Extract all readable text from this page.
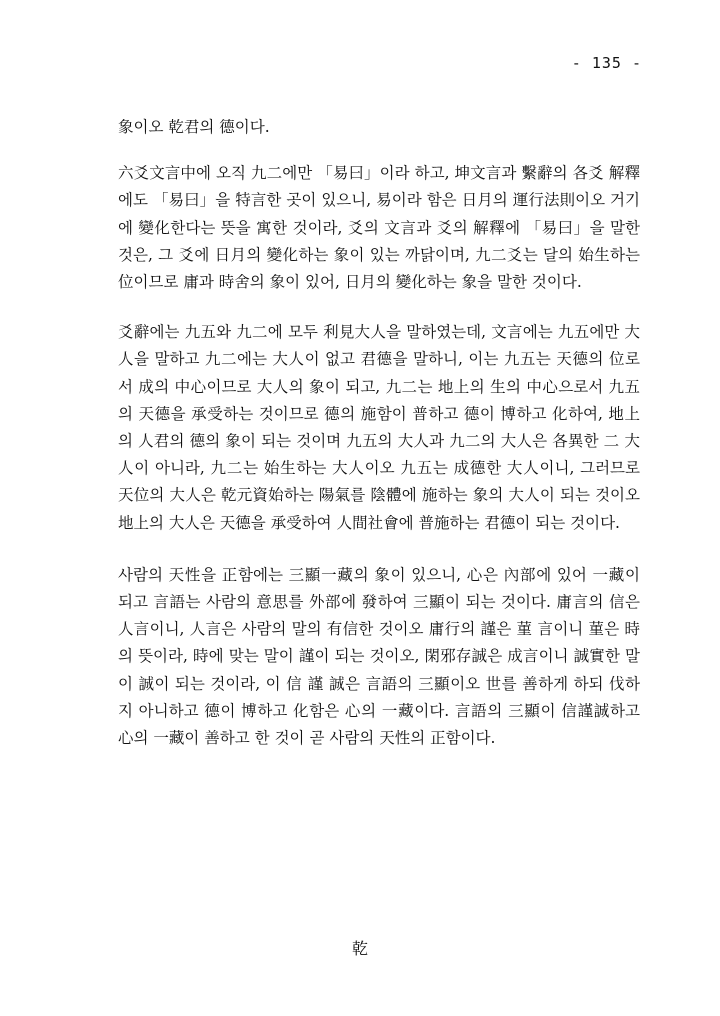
- 135 -

象이오 乾君의 德이다.

六爻文言中에 오직 九二에만 「易曰」이라 하고, 坤文言과 繫辭의 各爻 解釋에도 「易曰」을 特言한 곳이 있으니, 易이라 함은 日月의 運行法則이오 거기에 變化한다는 뜻을 寓한 것이라, 爻의 文言과 爻의 解釋에 「易曰」을 말한 것은, 그 爻에 日月의 變化하는 象이 있는 까닭이며, 九二爻는 달의 始生하는 位이므로 庸과 時舍의 象이 있어, 日月의 變化하는 象을 말한 것이다.

爻辭에는 九五와 九二에 모두 利見大人을 말하였는데, 文言에는 九五에만 大人을 말하고 九二에는 大人이 없고 君德을 말하니, 이는 九五는 天德의 位로서 成의 中心이므로 大人의 象이 되고, 九二는 地上의 生의 中心으로서 九五의 天德을 承受하는 것이므로 德의 施함이 普하고 德이 博하고 化하여, 地上의 人君의 德의 象이 되는 것이며 九五의 大人과 九二의 大人은 各異한 二 大人이 아니라, 九二는 始生하는 大人이오 九五는 成德한 大人이니, 그러므로 天位의 大人은 乾元資始하는 陽氣를 陰體에 施하는 象의 大人이 되는 것이오 地上의 大人은 天德을 承受하여 人間社會에 普施하는 君德이 되는 것이다.

사람의 天性을 正함에는 三顯一藏의 象이 있으니, 心은 內部에 있어 一藏이 되고 言語는 사람의 意思를 外部에 發하여 三顯이 되는 것이다. 庸言의 信은 人言이니, 人言은 사람의 말의 有信한 것이오 庸行의 謹은 菫 言이니 菫은 時의 뜻이라, 時에 맞는 말이 謹이 되는 것이오, 閑邪存誠은 成言이니 誠實한 말이 誠이 되는 것이라, 이 信 謹 誠은 言語의 三顯이오 世를 善하게 하되 伐하지 아니하고 德이 博하고 化함은 心의 一藏이다. 言語의 三顯이 信謹誠하고 心의 一藏이 善하고 한 것이 곧 사람의 天性의 正함이다.

乾
